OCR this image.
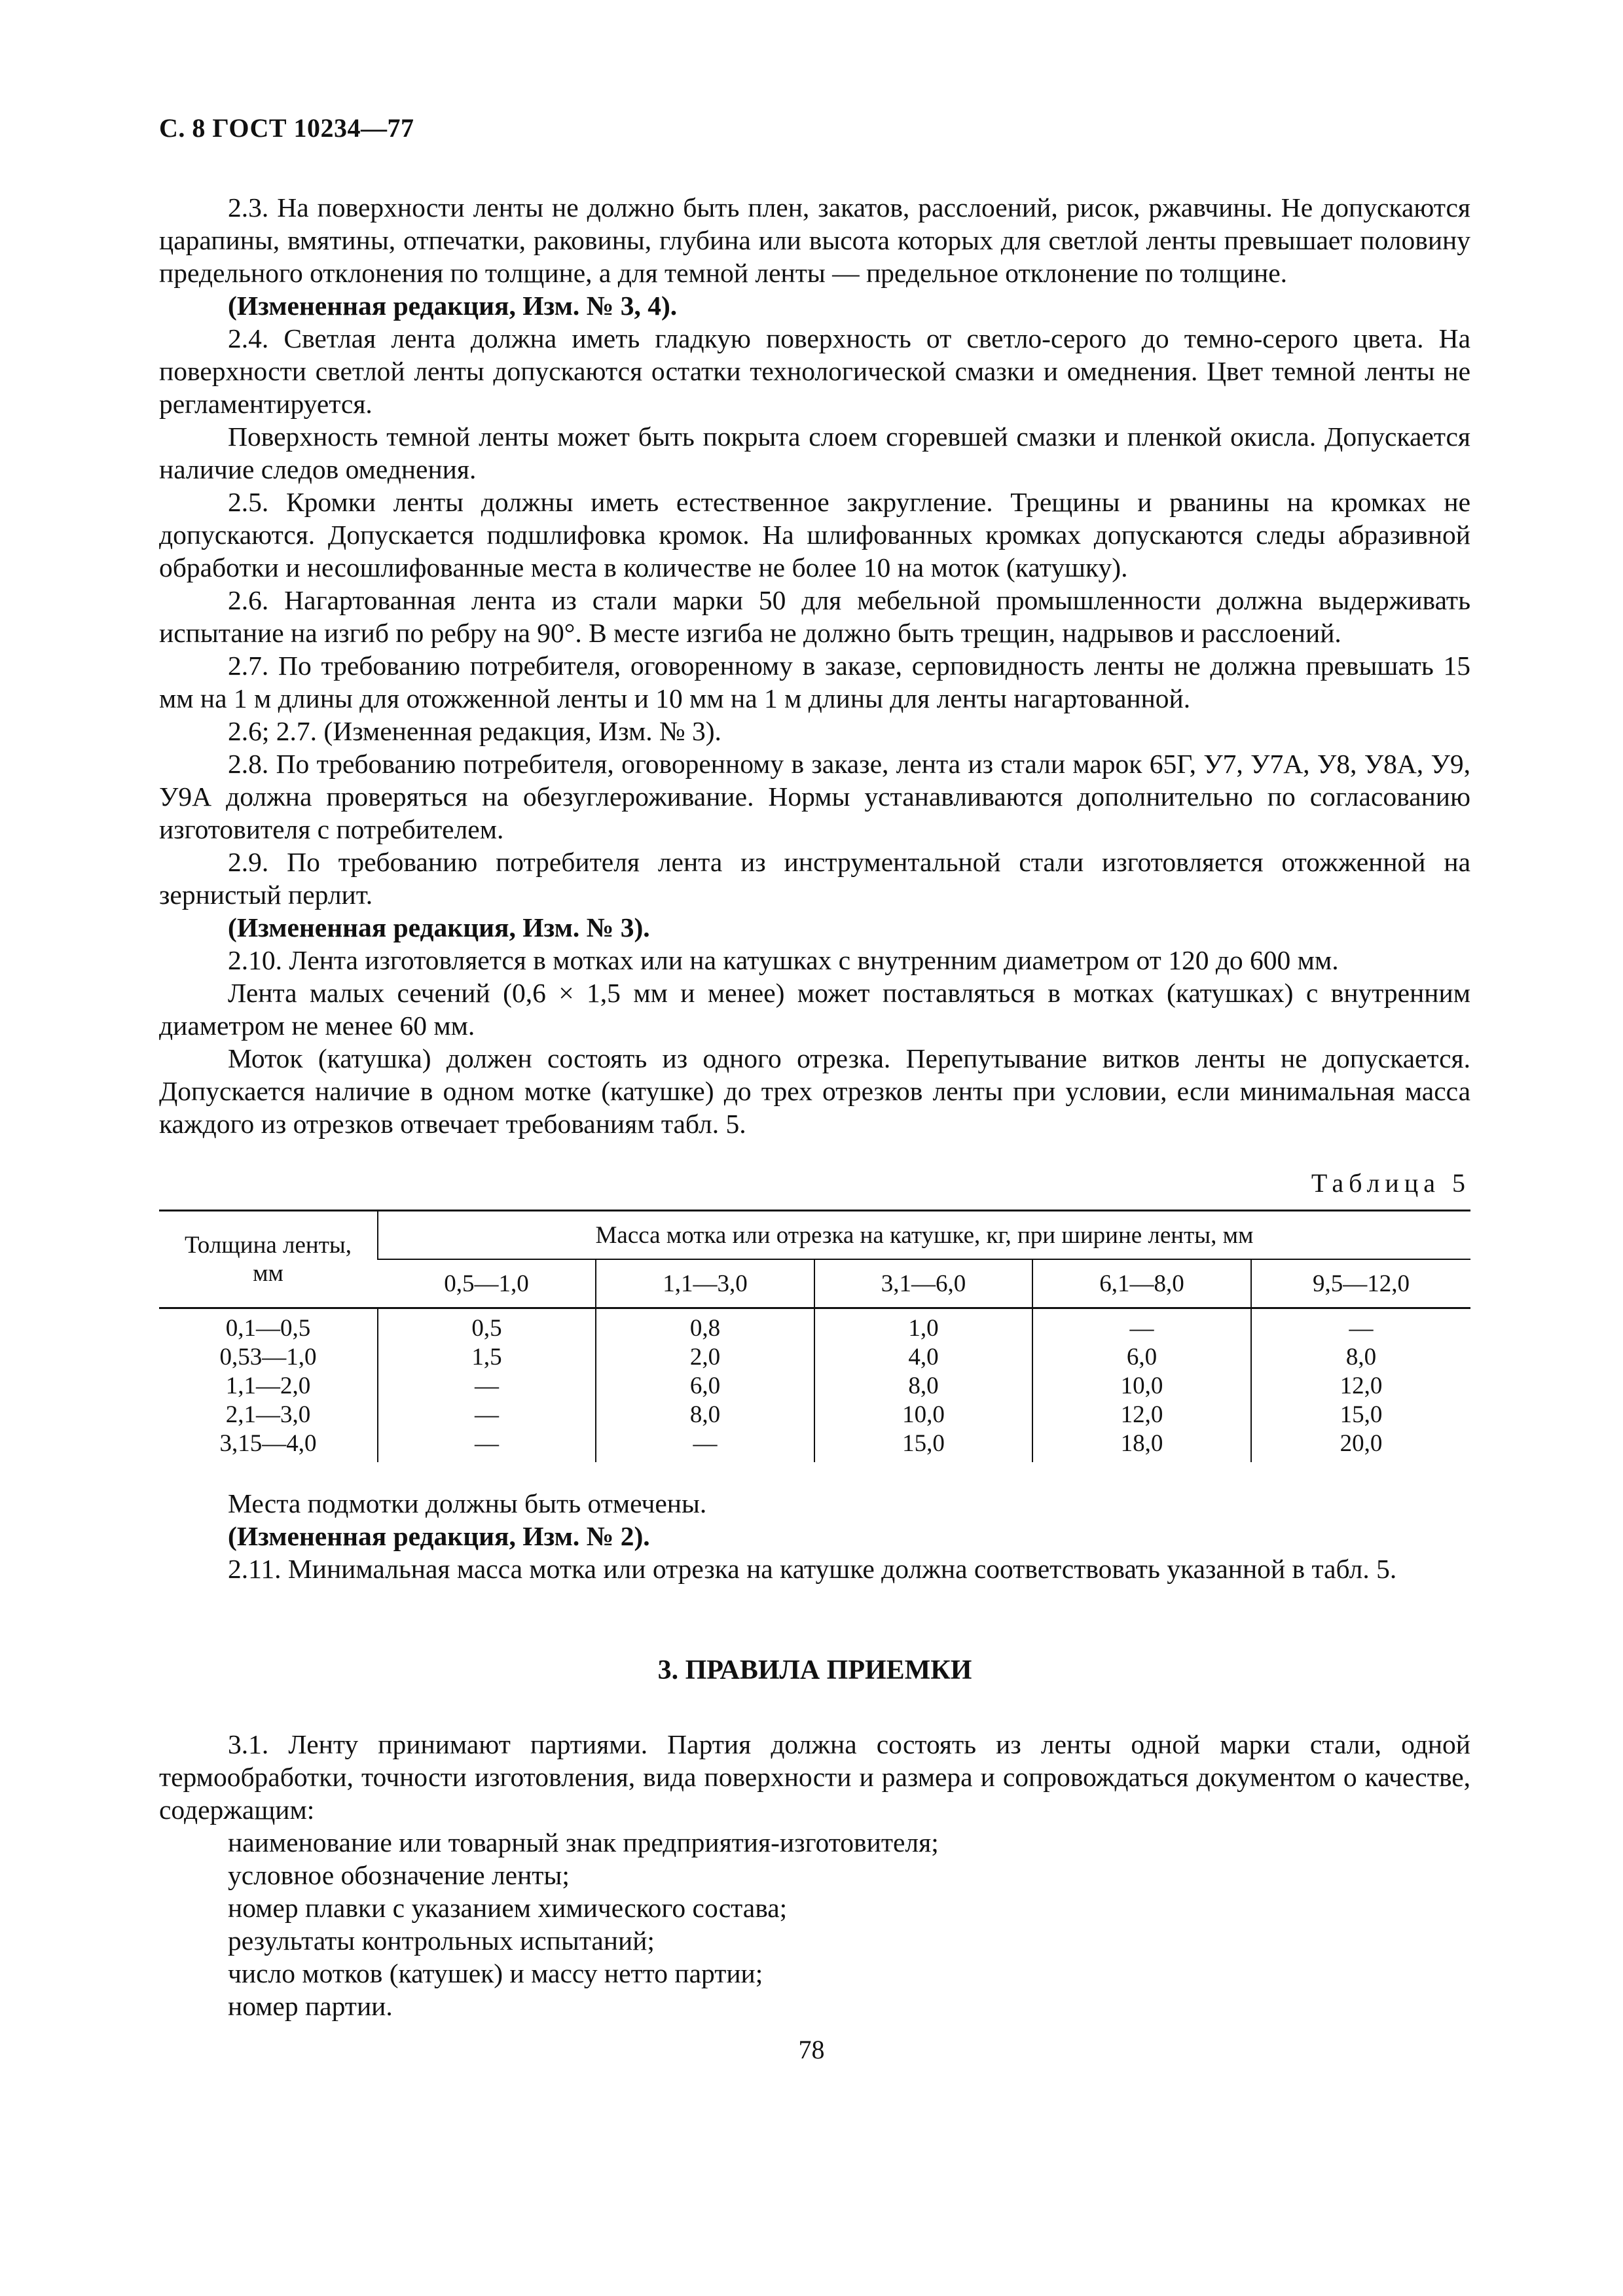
С. 8 ГОСТ 10234—77

2.3. На поверхности ленты не должно быть плен, закатов, расслоений, рисок, ржавчины. Не допускаются царапины, вмятины, отпечатки, раковины, глубина или высота которых для светлой ленты превышает половину предельного отклонения по толщине, а для темной ленты — предельное отклонение по толщине.

(Измененная редакция, Изм. № 3, 4).

2.4. Светлая лента должна иметь гладкую поверхность от светло-серого до темно-серого цвета. На поверхности светлой ленты допускаются остатки технологической смазки и омеднения. Цвет темной ленты не регламентируется.

Поверхность темной ленты может быть покрыта слоем сгоревшей смазки и пленкой окисла. Допускается наличие следов омеднения.

2.5. Кромки ленты должны иметь естественное закругление. Трещины и рванины на кромках не допускаются. Допускается подшлифовка кромок. На шлифованных кромках допускаются следы абразивной обработки и несошлифованные места в количестве не более 10 на моток (катушку).

2.6. Нагартованная лента из стали марки 50 для мебельной промышленности должна выдерживать испытание на изгиб по ребру на 90°. В месте изгиба не должно быть трещин, надрывов и расслоений.

2.7. По требованию потребителя, оговоренному в заказе, серповидность ленты не должна превышать 15 мм на 1 м длины для отожженной ленты и 10 мм на 1 м длины для ленты нагартованной.

2.6; 2.7. (Измененная редакция, Изм. № 3).

2.8. По требованию потребителя, оговоренному в заказе, лента из стали марок 65Г, У7, У7А, У8, У8А, У9, У9А должна проверяться на обезуглероживание. Нормы устанавливаются дополнительно по согласованию изготовителя с потребителем.

2.9. По требованию потребителя лента из инструментальной стали изготовляется отожженной на зернистый перлит.

(Измененная редакция, Изм. № 3).

2.10. Лента изготовляется в мотках или на катушках с внутренним диаметром от 120 до 600 мм.

Лента малых сечений (0,6 × 1,5 мм и менее) может поставляться в мотках (катушках) с внутренним диаметром не менее 60 мм.

Моток (катушка) должен состоять из одного отрезка. Перепутывание витков ленты не допускается. Допускается наличие в одном мотке (катушке) до трех отрезков ленты при условии, если минимальная масса каждого из отрезков отвечает требованиям табл. 5.

Таблица 5
Толщина ленты, мм	Масса мотка или отрезка на катушке, кг, при ширине ленты, мм				
	0,5—1,0	1,1—3,0	3,1—6,0	6,1—8,0	9,5—12,0
0,1—0,5	0,5	0,8	1,0	—	—
0,53—1,0	1,5	2,0	4,0	6,0	8,0
1,1—2,0	—	6,0	8,0	10,0	12,0
2,1—3,0	—	8,0	10,0	12,0	15,0
3,15—4,0	—	—	15,0	18,0	20,0

Места подмотки должны быть отмечены.

(Измененная редакция, Изм. № 2).

2.11. Минимальная масса мотка или отрезка на катушке должна соответствовать указанной в табл. 5.

3. ПРАВИЛА ПРИЕМКИ

3.1. Ленту принимают партиями. Партия должна состоять из ленты одной марки стали, одной термообработки, точности изготовления, вида поверхности и размера и сопровождаться документом о качестве, содержащим:

наименование или товарный знак предприятия-изготовителя;

условное обозначение ленты;

номер плавки с указанием химического состава;

результаты контрольных испытаний;

число мотков (катушек) и массу нетто партии;

номер партии.

78
